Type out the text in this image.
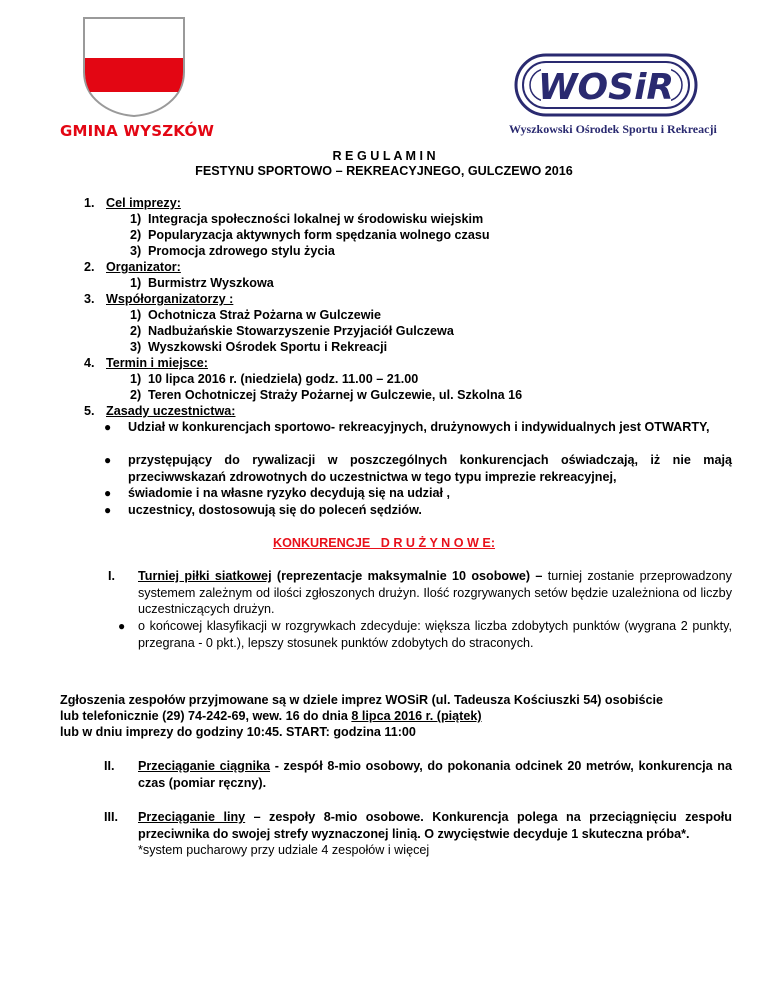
GMINA WYSZKÓW
WOSiR
Wyszkowski Ośrodek Sportu i Rekreacji
R E G U L A M I N
FESTYNU SPORTOWO – REKREACYJNEGO, GULCZEWO 2016
1. Cel imprezy:
1) Integracja społeczności lokalnej w środowisku wiejskim
2) Popularyzacja aktywnych form spędzania wolnego czasu
3) Promocja zdrowego stylu życia
2. Organizator:
1) Burmistrz Wyszkowa
3. Współorganizatorzy :
1) Ochotnicza Straż Pożarna w Gulczewie
2) Nadbużańskie Stowarzyszenie Przyjaciół Gulczewa
3) Wyszkowski Ośrodek Sportu i Rekreacji
4. Termin i miejsce:
1) 10 lipca 2016 r. (niedziela) godz. 11.00 – 21.00
2) Teren Ochotniczej Straży Pożarnej w Gulczewie, ul. Szkolna 16
5. Zasady uczestnictwa:
● Udział w konkurencjach sportowo- rekreacyjnych, drużynowych i indywidualnych jest OTWARTY,
● przystępujący do rywalizacji w poszczególnych konkurencjach oświadczają, iż nie mają przeciwwskazań zdrowotnych do uczestnictwa w tego typu imprezie rekreacyjnej,
● świadomie i na własne ryzyko decydują się na udział ,
● uczestnicy, dostosowują się do poleceń sędziów.
KONKURENCJE   D R U Ż Y N O W E:
I. Turniej piłki siatkowej (reprezentacje maksymalnie 10 osobowe) – turniej zostanie przeprowadzony systemem zależnym od ilości zgłoszonych drużyn. Ilość rozgrywanych setów będzie uzależniona od liczby uczestniczących drużyn.
● o końcowej klasyfikacji w rozgrywkach zdecyduje: większa liczba zdobytych punktów (wygrana 2 punkty, przegrana - 0 pkt.), lepszy stosunek punktów zdobytych do straconych.
Zgłoszenia zespołów przyjmowane są w dziele imprez WOSiR (ul. Tadeusza Kościuszki 54) osobiście
lub telefonicznie (29) 74-242-69, wew. 16 do dnia 8 lipca 2016 r. (piątek)
lub w dniu imprezy do godziny 10:45. START: godzina 11:00
II. Przeciąganie ciągnika - zespół 8-mio osobowy, do pokonania odcinek 20 metrów, konkurencja na czas (pomiar ręczny).
III. Przeciąganie liny – zespoły 8-mio osobowe. Konkurencja polega na przeciągnięciu zespołu przeciwnika do swojej strefy wyznaczonej linią. O zwycięstwie decyduje 1 skuteczna próba*.
*system pucharowy przy udziale 4 zespołów i więcej
